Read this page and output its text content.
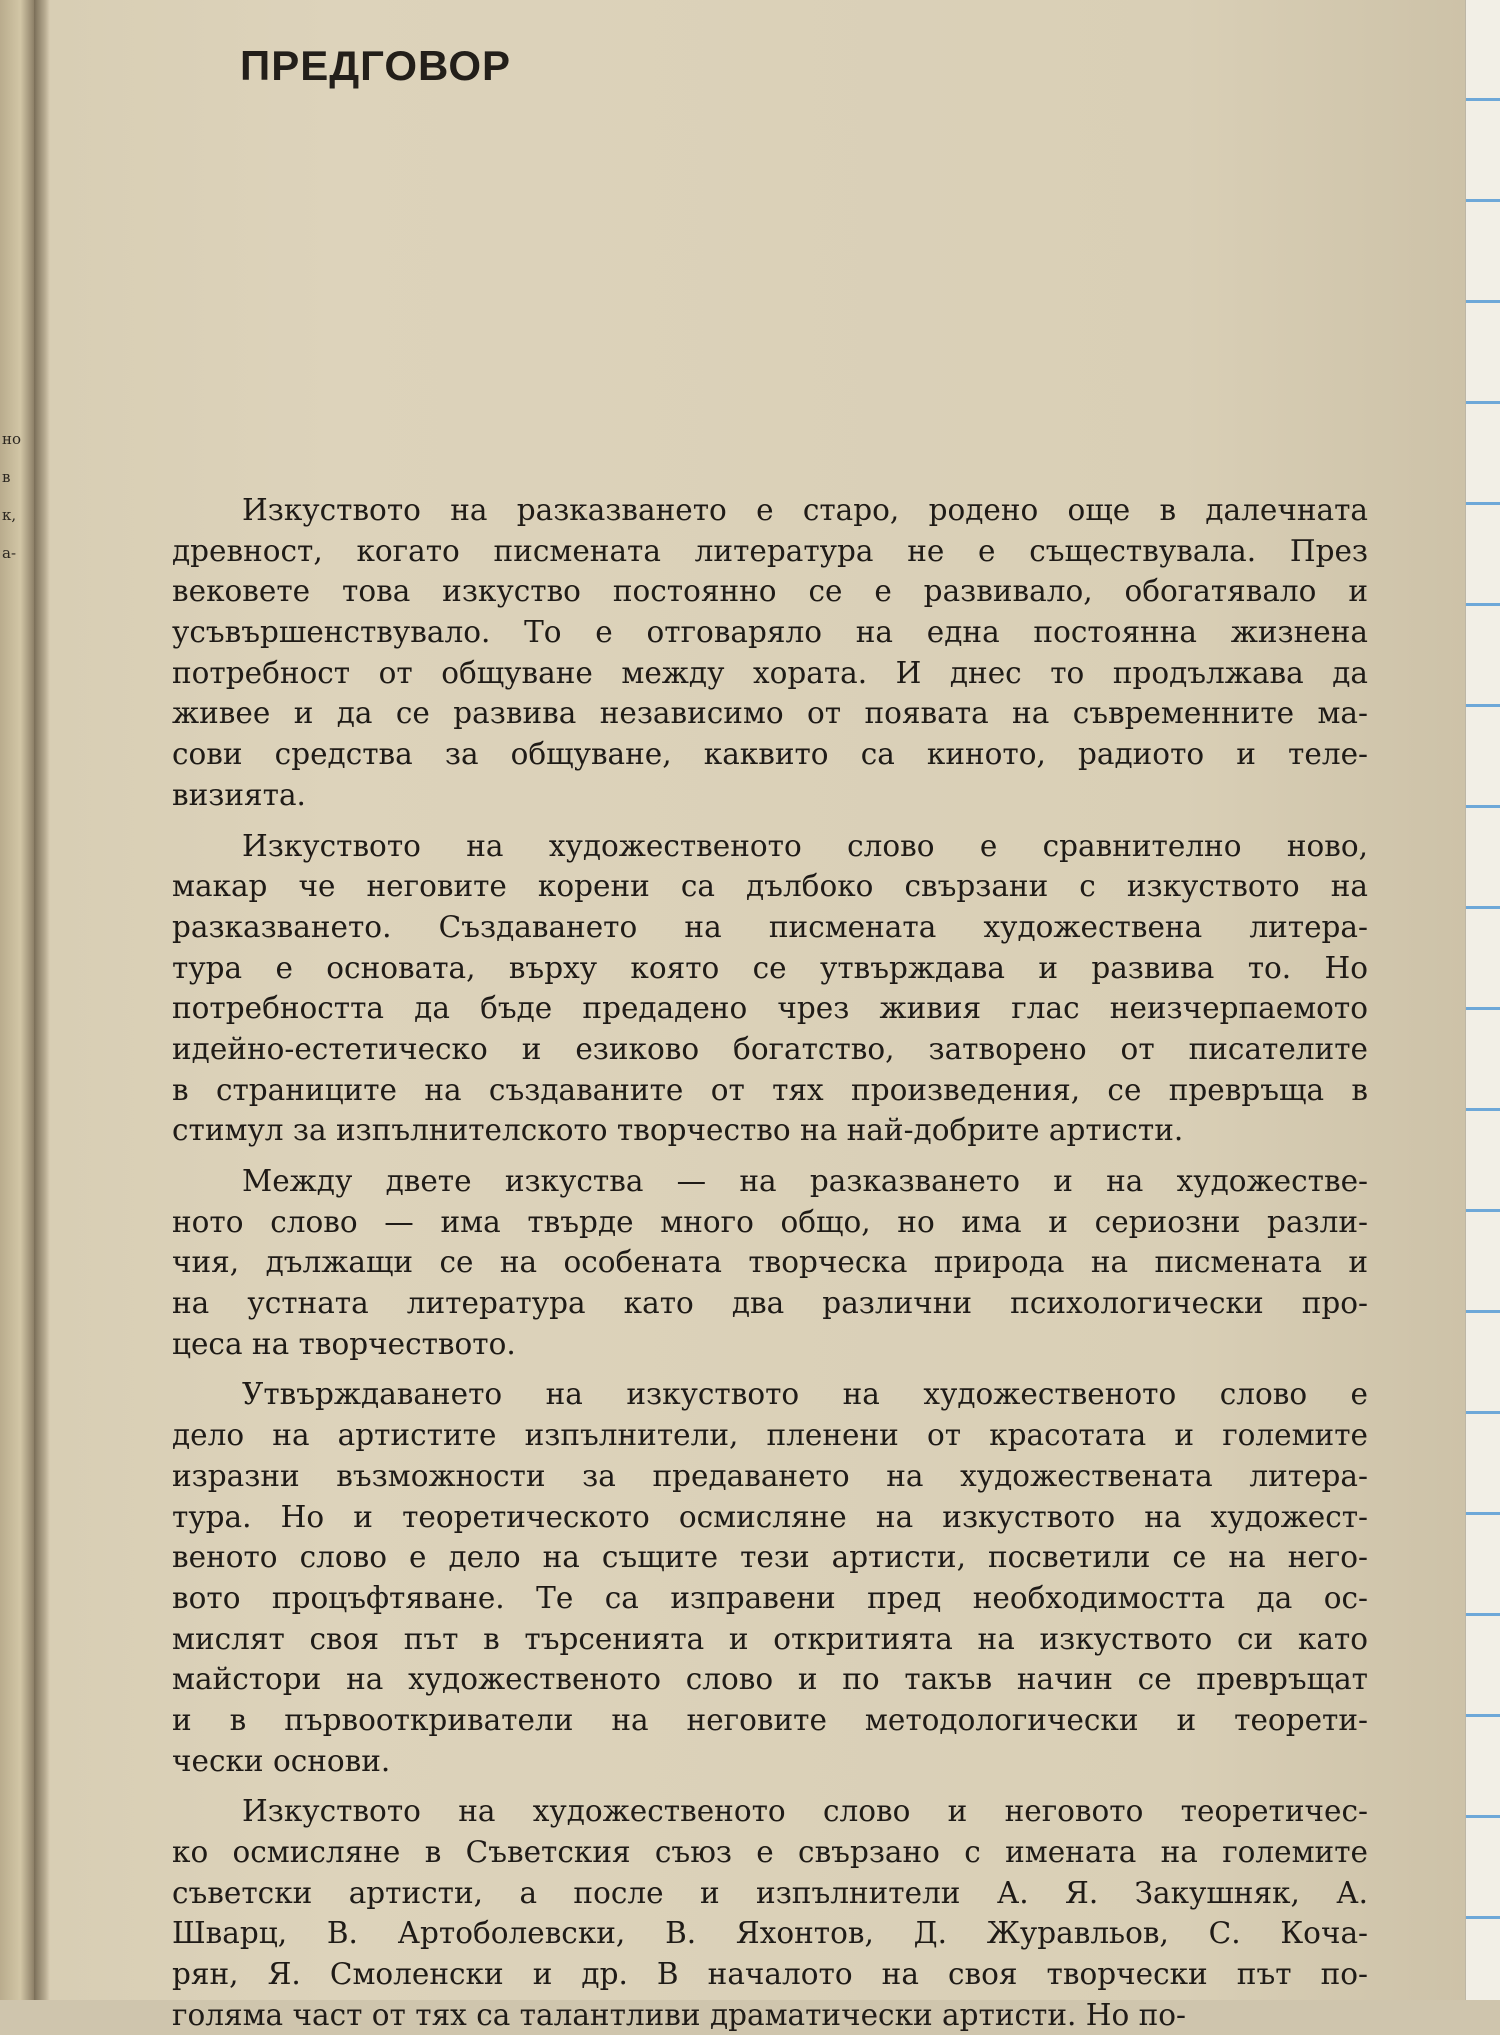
но
в
к,
а-
ПРЕДГОВОР
Изкуството на разказването е старо, родено още в далечната
древност, когато писмената литература не е съществувала. През
вековете това изкуство постоянно се е развивало, обогатявало и
усъвършенствувало. То е отговаряло на една постоянна жизнена
потребност от общуване между хората. И днес то продължава да
живее и да се развива независимо от появата на съвременните ма-
сови средства за общуване, каквито са киното, радиото и теле-
визията.
Изкуството на художественото слово е сравнително ново,
макар че неговите корени са дълбоко свързани с изкуството на
разказването. Създаването на писмената художествена литера-
тура е основата, върху която се утвърждава и развива то. Но
потребността да бъде предадено чрез живия глас неизчерпаемото
идейно-естетическо и езиково богатство, затворено от писателите
в страниците на създаваните от тях произведения, се превръща в
стимул за изпълнителското творчество на най-добрите артисти.
Между двете изкуства — на разказването и на художестве-
ното слово — има твърде много общо, но има и сериозни разли-
чия, дължащи се на особената творческа природа на писмената и
на устната литература като два различни психологически про-
цеса на творчеството.
Утвърждаването на изкуството на художественото слово е
дело на артистите изпълнители, пленени от красотата и големите
изразни възможности за предаването на художествената литера-
тура. Но и теоретическото осмисляне на изкуството на художест-
веното слово е дело на същите тези артисти, посветили се на него-
вото процъфтяване. Те са изправени пред необходимостта да ос-
мислят своя път в търсенията и откритията на изкуството си като
майстори на художественото слово и по такъв начин се превръщат
и в първооткриватели на неговите методологически и теорети-
чески основи.
Изкуството на художественото слово и неговото теоретичес-
ко осмисляне в Съветския съюз е свързано с имената на големите
съветски артисти, а после и изпълнители А. Я. Закушняк, А.
Шварц, В. Артоболевски, В. Яхонтов, Д. Журавльов, С. Кочa-
рян, Я. Смоленски и др. В началото на своя творчески път по-
голяма част от тях са талантливи драматически артисти. Но по-
